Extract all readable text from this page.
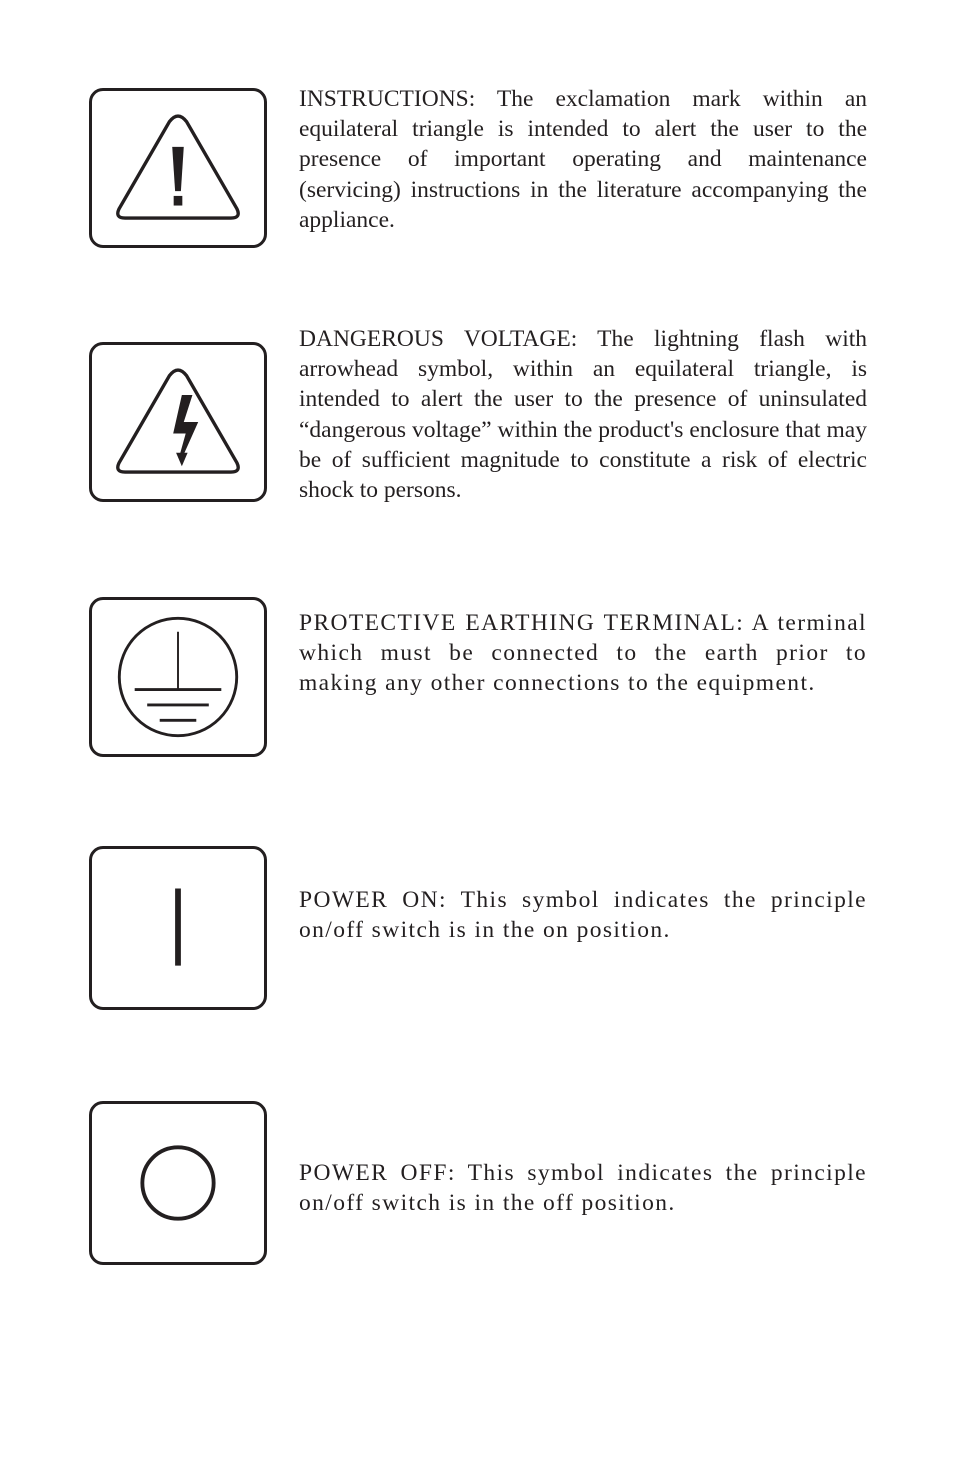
INSTRUCTIONS: The exclamation mark within an equilateral triangle is intended to alert the user to the presence of important operating and maintenance (servicing) instructions in the literature accompanying the appliance.

DANGEROUS VOLTAGE: The lightning flash with arrowhead symbol, within an equilateral triangle, is intended to alert the user to the presence of uninsulated “dangerous voltage” within the product's enclosure that may be of sufficient magnitude to constitute a risk of electric shock to persons.

PROTECTIVE EARTHING TERMINAL: A terminal which must be connected to the earth prior to making any other connections to the equipment.

POWER ON: This symbol indicates the principle on/off switch is in the on position.

POWER OFF: This symbol indicates the principle on/off switch is in the off position.
